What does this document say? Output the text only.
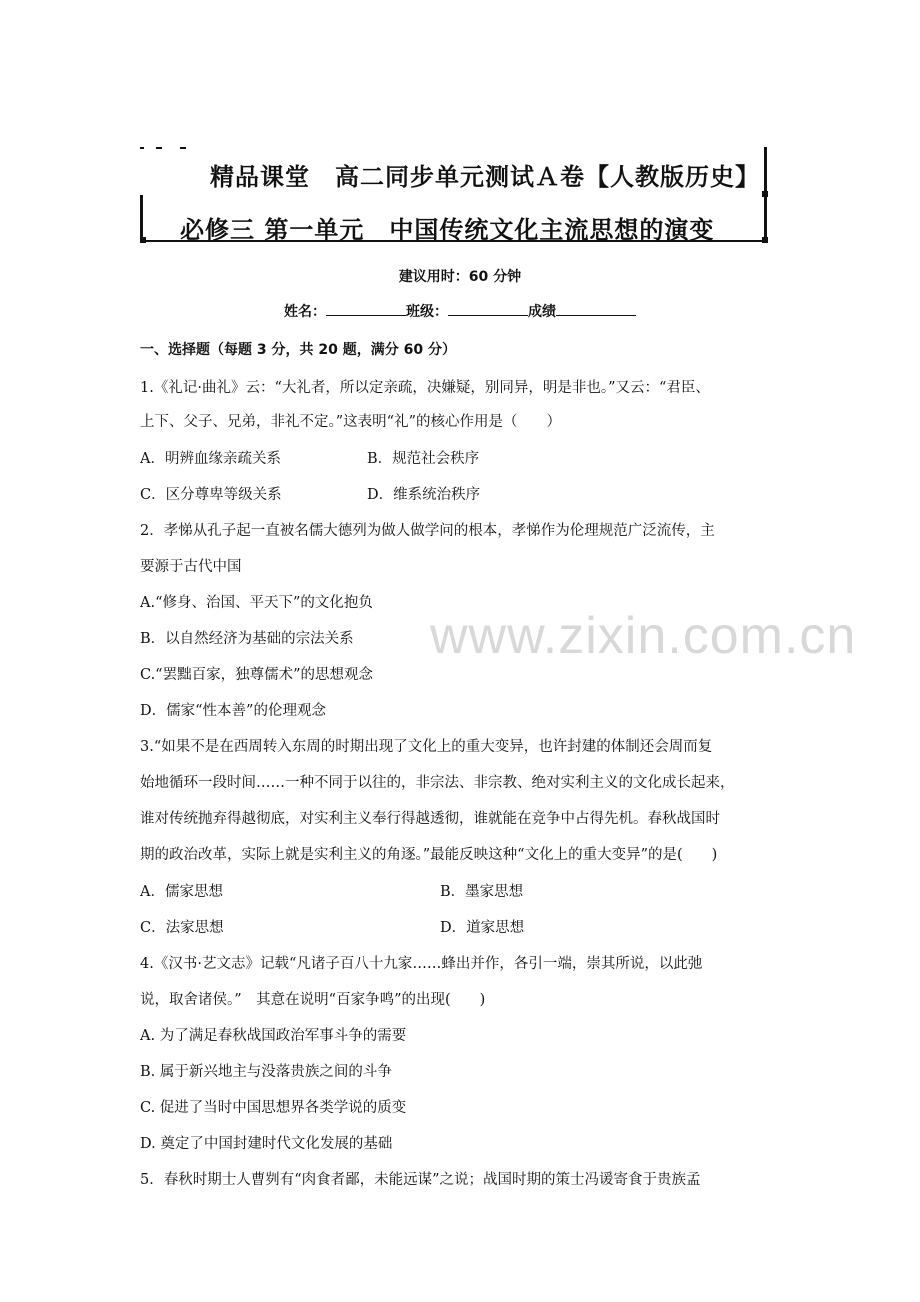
精品课堂　高二同步单元测试Ａ卷【人教版历史】
必修三 第一单元　中国传统文化主流思想的演变
建议用时：60 分钟
姓名：	班级：	成绩
一、选择题（每题 3 分，共 20 题，满分 60 分）
1.《礼记·曲礼》云：“大礼者，所以定亲疏，决嫌疑，别同异，明是非也。”又云：“君臣、
上下、父子、兄弟，非礼不定。”这表明“礼”的核心作用是（　　）
A．明辨血缘亲疏关系	B．规范社会秩序
C．区分尊卑等级关系	D．维系统治秩序
2．孝悌从孔子起一直被名儒大德列为做人做学问的根本，孝悌作为伦理规范广泛流传，主
要源于古代中国
A.“修身、治国、平天下”的文化抱负
B．以自然经济为基础的宗法关系
C.“罢黜百家，独尊儒术”的思想观念
D．儒家“性本善”的伦理观念
3.“如果不是在西周转入东周的时期出现了文化上的重大变异，也许封建的体制还会周而复
始地循环一段时间……一种不同于以往的，非宗法、非宗教、绝对实利主义的文化成长起来，
谁对传统抛弃得越彻底，对实利主义奉行得越透彻，谁就能在竞争中占得先机。春秋战国时
期的政治改革，实际上就是实利主义的角逐。”最能反映这种“文化上的重大变异”的是(　　)
A．儒家思想	B．墨家思想
C．法家思想	D．道家思想
4.《汉书·艺文志》记载“凡诸子百八十九家……蜂出并作，各引一端，崇其所说，以此弛
说，取舍诸侯。”　其意在说明“百家争鸣”的出现(　　)
A. 为了满足春秋战国政治军事斗争的需要
B. 属于新兴地主与没落贵族之间的斗争
C. 促进了当时中国思想界各类学说的质变
D. 奠定了中国封建时代文化发展的基础
5．春秋时期士人曹刿有“肉食者鄙，未能远谋”之说；战国时期的策士冯谖寄食于贵族孟
www.zixin.com.cn
